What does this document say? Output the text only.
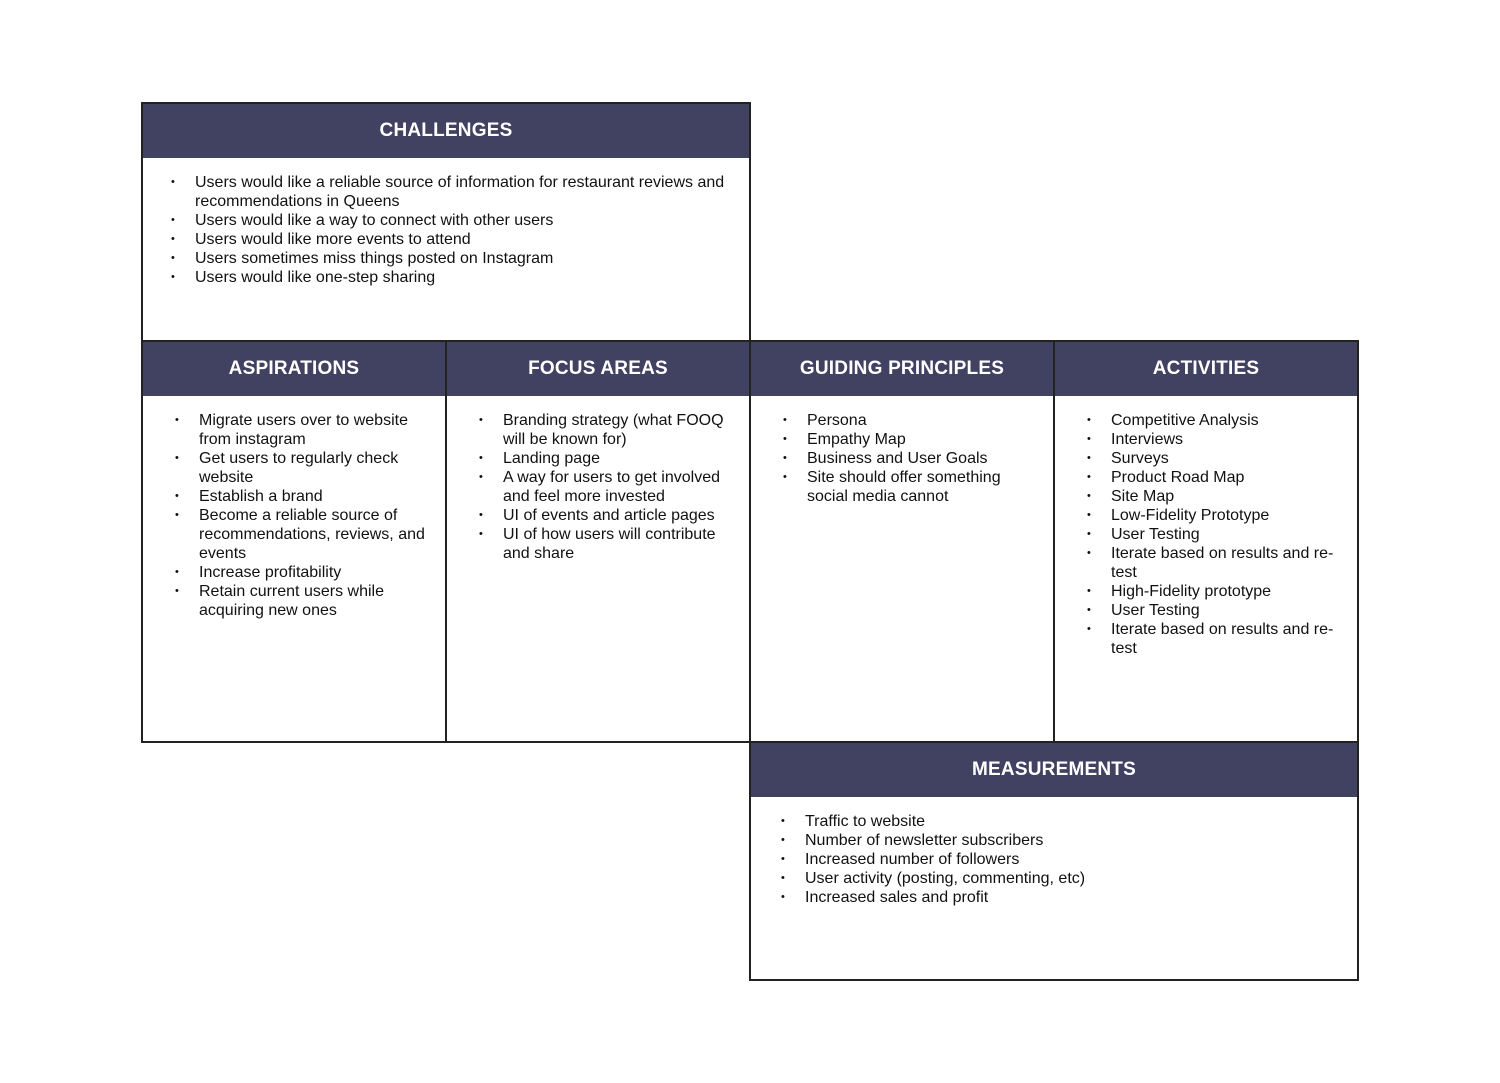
CHALLENGES
• Users would like a reliable source of information for restaurant reviews and recommendations in Queens
• Users would like a way to connect with other users
• Users would like more events to attend
• Users sometimes miss things posted on Instagram
• Users would like one-step sharing
ASPIRATIONS
• Migrate users over to website from instagram
• Get users to regularly check website
• Establish a brand
• Become a reliable source of recommendations, reviews, and events
• Increase profitability
• Retain current users while acquiring new ones
FOCUS AREAS
• Branding strategy (what FOOQ will be known for)
• Landing page
• A way for users to get involved and feel more invested
• UI of events and article pages
• UI of how users will contribute and share
GUIDING PRINCIPLES
• Persona
• Empathy Map
• Business and User Goals
• Site should offer something social media cannot
ACTIVITIES
• Competitive Analysis
• Interviews
• Surveys
• Product Road Map
• Site Map
• Low-Fidelity Prototype
• User Testing
• Iterate based on results and re-test
• High-Fidelity prototype
• User Testing
• Iterate based on results and re-test
MEASUREMENTS
• Traffic to website
• Number of newsletter subscribers
• Increased number of followers
• User activity (posting, commenting, etc)
• Increased sales and profit
